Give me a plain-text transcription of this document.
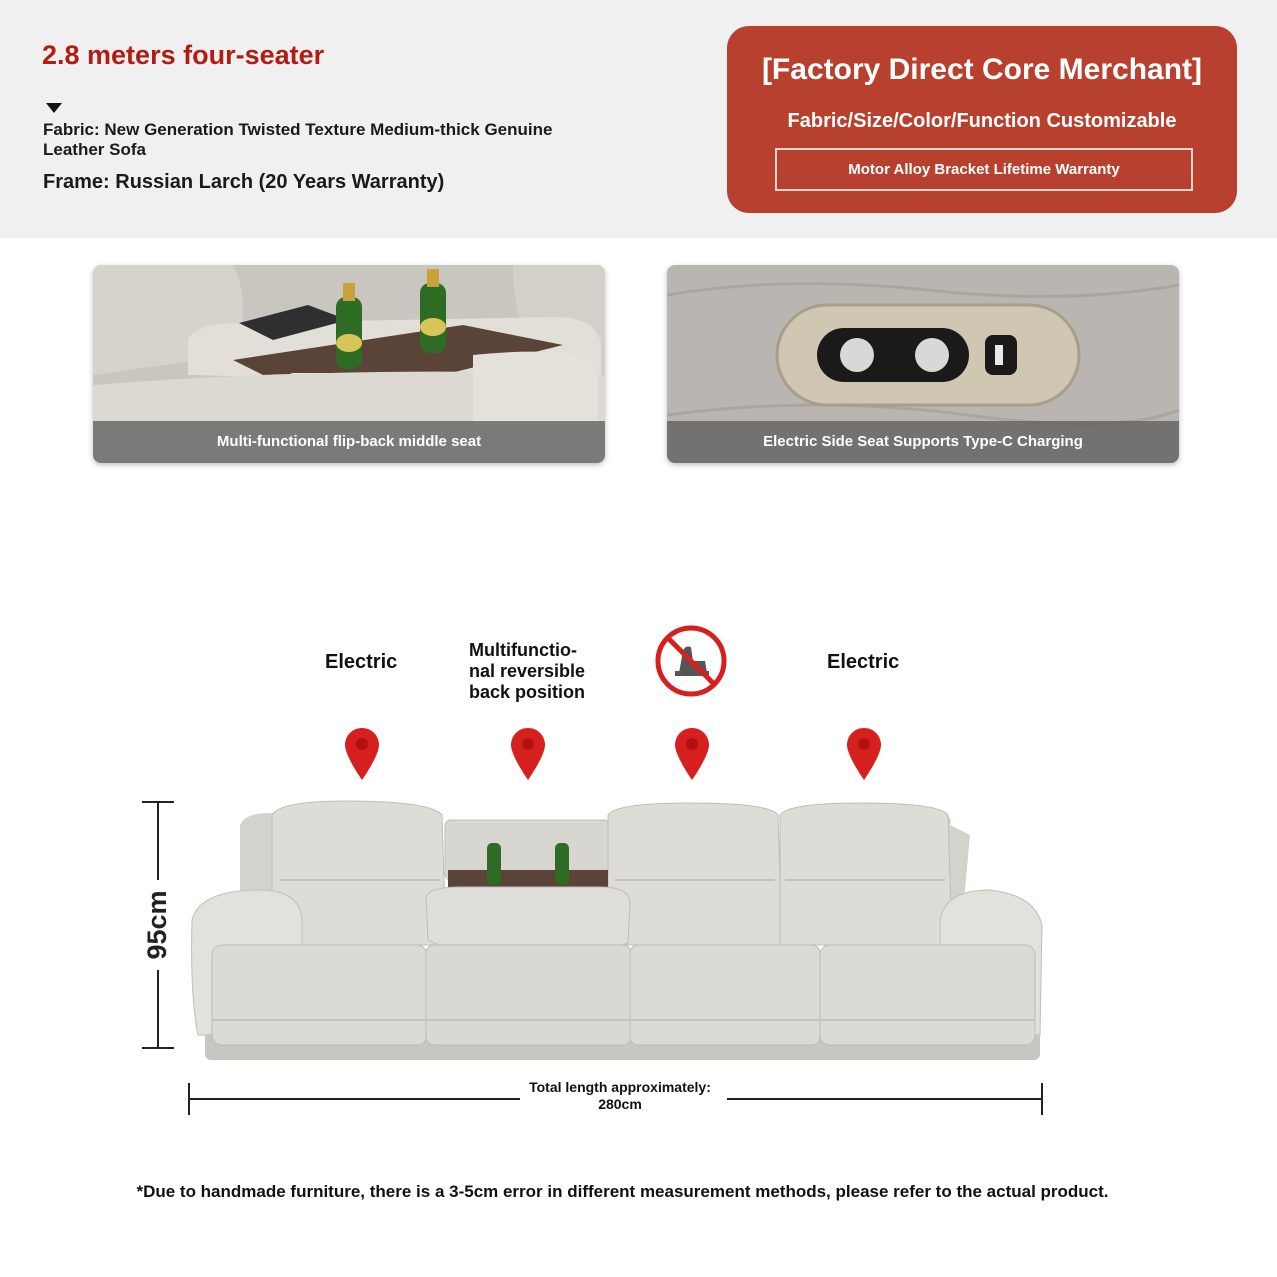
2.8 meters four-seater
Fabric: New Generation Twisted Texture Medium-thick Genuine Leather Sofa
Frame: Russian Larch (20 Years Warranty)
[Factory Direct Core Merchant]
Fabric/Size/Color/Function Customizable
Motor Alloy Bracket Lifetime Warranty
Multi-functional flip-back middle seat	Electric Side Seat Supports Type-C Charging
Electric
Multifunctio-
nal reversible
back position
Electric
95cm
Total length approximately:
280cm
*Due to handmade furniture, there is a 3-5cm error in different measurement methods, please refer to the actual product.
